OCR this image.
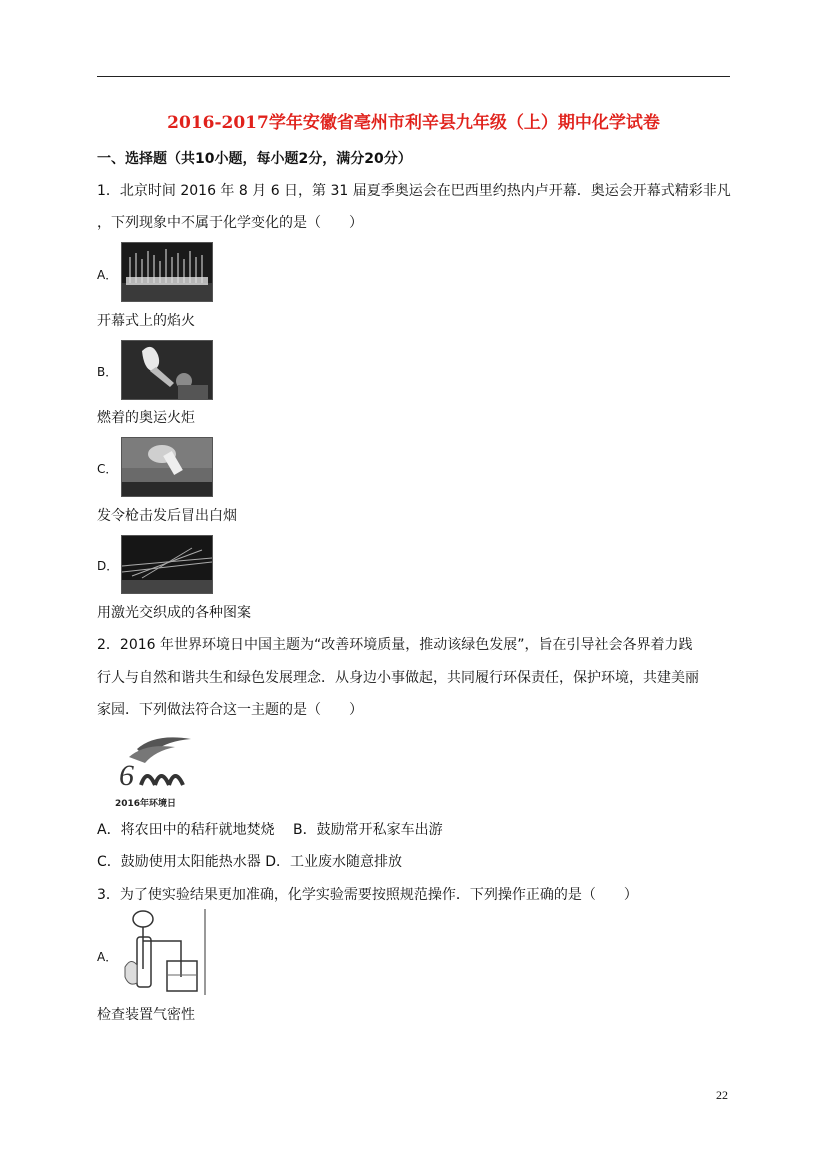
2016-2017学年安徽省亳州市利辛县九年级（上）期中化学试卷
一、选择题（共10小题，每小题2分，满分20分）
1．北京时间 2016 年 8 月 6 日，第 31 届夏季奥运会在巴西里约热内卢开幕．奥运会开幕式精彩非凡
，下列现象中不属于化学变化的是（　　）
A．
开幕式上的焰火
B．
燃着的奥运火炬
C．
发令枪击发后冒出白烟
D．
用激光交织成的各种图案
2．2016 年世界环境日中国主题为“改善环境质量，推动该绿色发展”，旨在引导社会各界着力践
行人与自然和谐共生和绿色发展理念．从身边小事做起，共同履行环保责任，保护环境，共建美丽
家园．下列做法符合这一主题的是（　　）
6
2016年环境日
A．将农田中的秸秆就地焚烧　 B．鼓励常开私家车出游
C．鼓励使用太阳能热水器 D．工业废水随意排放
3．为了使实验结果更加准确，化学实验需要按照规范操作．下列操作正确的是（　　）
A．
检查装置气密性
22
